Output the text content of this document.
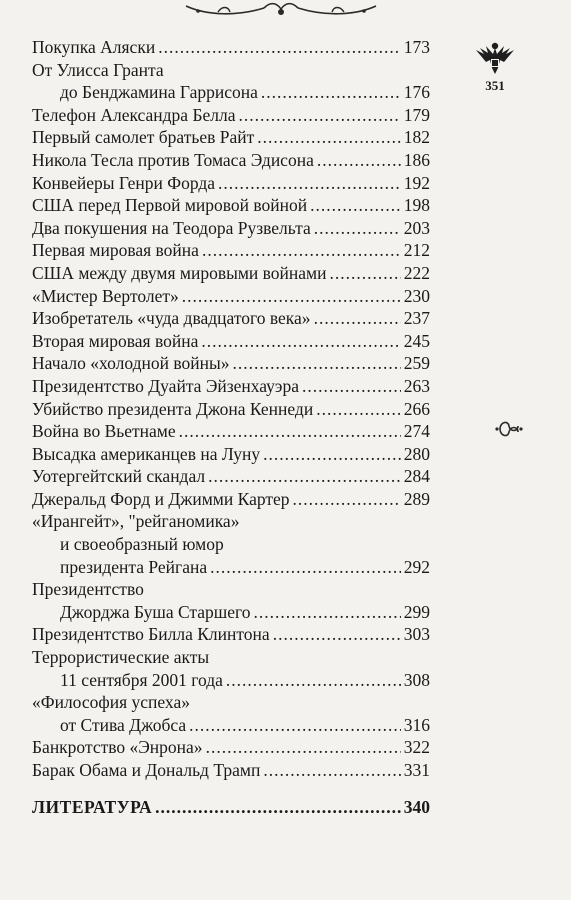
351
Покупка Аляски .....	173
От Улисса Гранта
до Бенджамина Гаррисона .....	176
Телефон Александра Белла .....	179
Первый самолет братьев Райт .....	182
Никола Тесла против Томаса Эдисона .....	186
Конвейеры Генри Форда .....	192
США перед Первой мировой войной .....	198
Два покушения на Теодора Рузвельта .....	203
Первая мировая война .....	212
США между двумя мировыми войнами .....	222
«Мистер Вертолет» .....	230
Изобретатель «чуда двадцатого века» .....	237
Вторая мировая война .....	245
Начало «холодной войны» .....	259
Президентство Дуайта Эйзенхауэра .....	263
Убийство президента Джона Кеннеди .....	266
Война во Вьетнаме .....	274
Высадка американцев на Луну .....	280
Уотергейтский скандал .....	284
Джеральд Форд и Джимми Картер .....	289
«Ирангейт», "рейганомика»
и своеобразный юмор
президента Рейгана .....	292
Президентство
Джорджа Буша Старшего .....	299
Президентство Билла Клинтона .....	303
Террористические акты
11 сентября 2001 года .....	308
«Философия успеха»
от Стива Джобса .....	316
Банкротство «Энрона» .....	322
Барак Обама и Дональд Трамп .....	331
ЛИТЕРАТУРА .....	340
